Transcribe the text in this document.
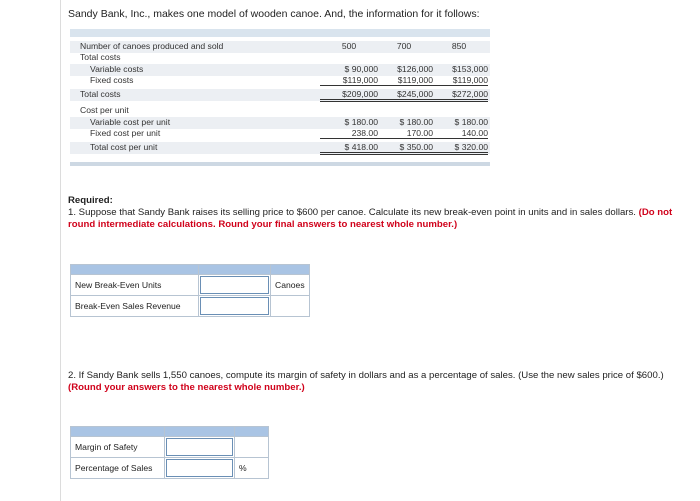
Sandy Bank, Inc., makes one model of wooden canoe. And, the information for it follows:
Number of canoes produced and sold	500	700	850
Total costs
Variable costs	$ 90,000	$126,000	$153,000
Fixed costs	$119,000	$119,000	$119,000
Total costs	$209,000	$245,000	$272,000
Cost per unit
Variable cost per unit	$ 180.00	$ 180.00	$ 180.00
Fixed cost per unit	238.00	170.00	140.00
Total cost per unit	$ 418.00	$ 350.00	$ 320.00
Required:
1. Suppose that Sandy Bank raises its selling price to $600 per canoe. Calculate its new break-even point in units and in sales dollars. (Do not round intermediate calculations. Round your final answers to nearest whole number.)

New Break-Even Units		Canoes
Break-Even Sales Revenue		
2. If Sandy Bank sells 1,550 canoes, compute its margin of safety in dollars and as a percentage of sales. (Use the new sales price of $600.)
(Round your answers to the nearest whole number.)

Margin of Safety		
Percentage of Sales		%
